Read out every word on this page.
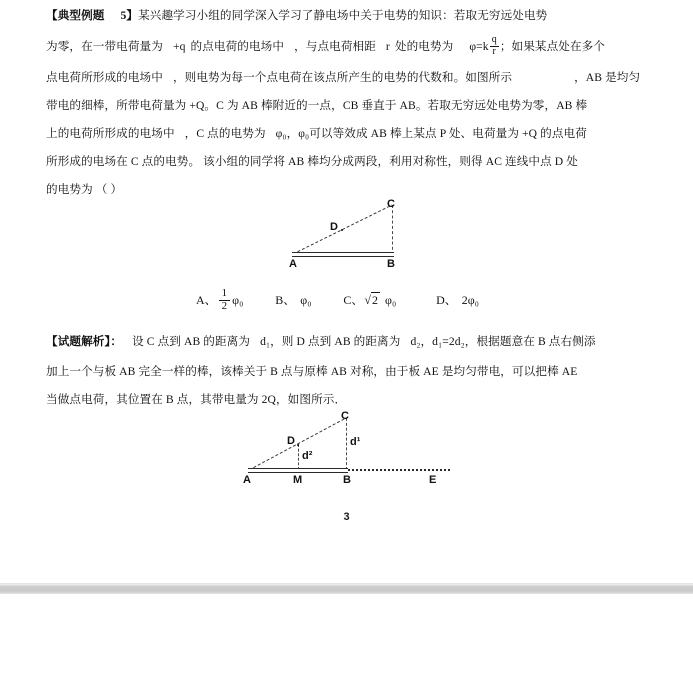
【典型例题 5】某兴趣学习小组的同学深入学习了静电场中关于电势的知识：若取无穷远处电势
为零，在一带电荷量为 +q 的点电荷的电场中 ，与点电荷相距 r 处的电势为 $\varphi=k \frac{q}{r}$ ；如果某点处在多个
点电荷所形成的电场中 ，则电势为每一个点电荷在该点所产生的电势的代数和。如图所示	，AB 是均匀
带电的细棒，所带电荷量为 +Q。C 为 AB 棒附近的一点，CB 垂直于 AB。若取无穷远处电势为零，AB 棒
上的电荷所形成的电场中 ，C 点的电势为 φ₀，φ₀可以等效成 AB 棒上某点 P 处、电荷量为 +Q 的点电荷
所形成的电场在 C 点的电势。 该小组的同学将 AB 棒均分成两段，利用对称性，则得 AC 连线中点 D 处
的电势为 （ ）
C
D
A	B
A、 $\frac{1}{2} \varphi_0$	B、 φ₀	C、√2 φ₀	D、 2φ₀
【试题解析】： 设 C 点到 AB 的距离为 d₁，则 D 点到 AB 的距离为 d₂，d₁=2d₂，根据题意在 B 点右侧添
加上一个与板 AB 完全一样的棒，该棒关于 B 点与原棒 AB 对称，由于板 AE 是均匀带电，可以把棒 AE
当做点电荷，其位置在 B 点，其带电量为 2Q，如图所示．
C
D	d¹
d²
A	M	B	E
3
